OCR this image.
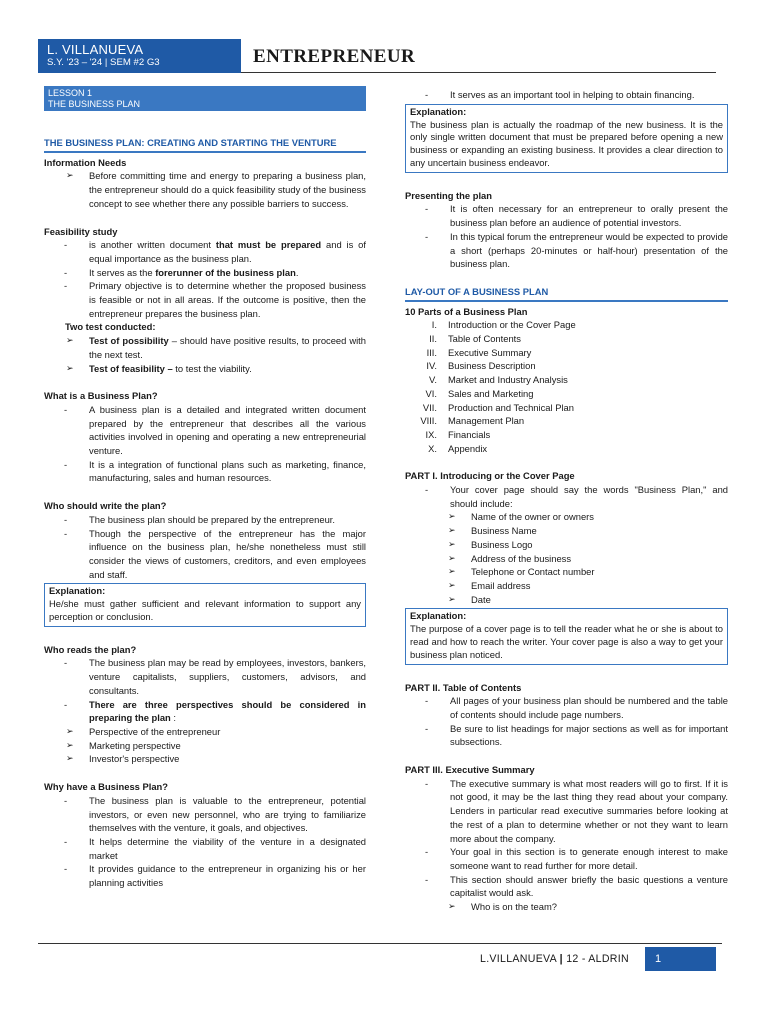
L. VILLANUEVA
S.Y. '23 – '24 | SEM #2 G3	ENTREPRENEUR
LESSON 1
THE BUSINESS PLAN
THE BUSINESS PLAN: CREATING AND STARTING THE VENTURE
Information Needs
➢	Before committing time and energy to preparing a business plan, the entrepreneur should do a quick feasibility study of the business concept to see whether there any possible barriers to success.
Feasibility study
-	is another written document that must be prepared and is of equal importance as the business plan.
-	It serves as the forerunner of the business plan.
-	Primary objective is to determine whether the proposed business is feasible or not in all areas. If the outcome is positive, then the entrepreneur prepares the business plan.
Two test conducted:
➢	Test of possibility – should have positive results, to proceed with the next test.
➢	Test of feasibility – to test the viability.
What is a Business Plan?
-	A business plan is a detailed and integrated written document prepared by the entrepreneur that describes all the various activities involved in opening and operating a new entrepreneurial venture.
-	It is a integration of functional plans such as marketing, finance, manufacturing, sales and human resources.
Who should write the plan?
-	The business plan should be prepared by the entrepreneur.
-	Though the perspective of the entrepreneur has the major influence on the business plan, he/she nonetheless must still consider the views of customers, creditors, and even employees and staff.
Explanation:
He/she must gather sufficient and relevant information to support any perception or conclusion.
Who reads the plan?
-	The business plan may be read by employees, investors, bankers, venture capitalists, suppliers, customers, advisors, and consultants.
-	There are three perspectives should be considered in preparing the plan :
➢	Perspective of the entrepreneur
➢	Marketing perspective
➢	Investor's perspective
Why have a Business Plan?
-	The business plan is valuable to the entrepreneur, potential investors, or even new personnel, who are trying to familiarize themselves with the venture, it goals, and objectives.
-	It helps determine the viability of the venture in a designated market
-	It provides guidance to the entrepreneur in organizing his or her planning activities
-	It serves as an important tool in helping to obtain financing.
Explanation:
The business plan is actually the roadmap of the new business. It is the only single written document that must be prepared before opening a new business or expanding an existing business. It provides a clear direction to any uncertain business endeavor.
Presenting the plan
-	It is often necessary for an entrepreneur to orally present the business plan before an audience of potential investors.
-	In this typical forum the entrepreneur would be expected to provide a short (perhaps 20-minutes or half-hour) presentation of the business plan.
LAY-OUT OF A BUSINESS PLAN
10 Parts of a Business Plan
I.	Introduction or the Cover Page
II.	Table of Contents
III.	Executive Summary
IV.	Business Description
V.	Market and Industry Analysis
VI.	Sales and Marketing
VII.	Production and Technical Plan
VIII.	Management Plan
IX.	Financials
X.	Appendix
PART I. Introducing or the Cover Page
-	Your cover page should say the words "Business Plan," and should include:
➢	Name of the owner or owners
➢	Business Name
➢	Business Logo
➢	Address of the business
➢	Telephone or Contact number
➢	Email address
➢	Date
Explanation:
The purpose of a cover page is to tell the reader what he or she is about to read and how to reach the writer. Your cover page is also a way to get your business plan noticed.
PART II. Table of Contents
-	All pages of your business plan should be numbered and the table of contents should include page numbers.
-	Be sure to list headings for major sections as well as for important subsections.
PART III. Executive Summary
-	The executive summary is what most readers will go to first. If it is not good, it may be the last thing they read about your company. Lenders in particular read executive summaries before looking at the rest of a plan to determine whether or not they want to learn more about the company.
-	Your goal in this section is to generate enough interest to make someone want to read further for more detail.
-	This section should answer briefly the basic questions a venture capitalist would ask.
➢	Who is on the team?
L.VILLANUEVA | 12 - ALDRIN	1
